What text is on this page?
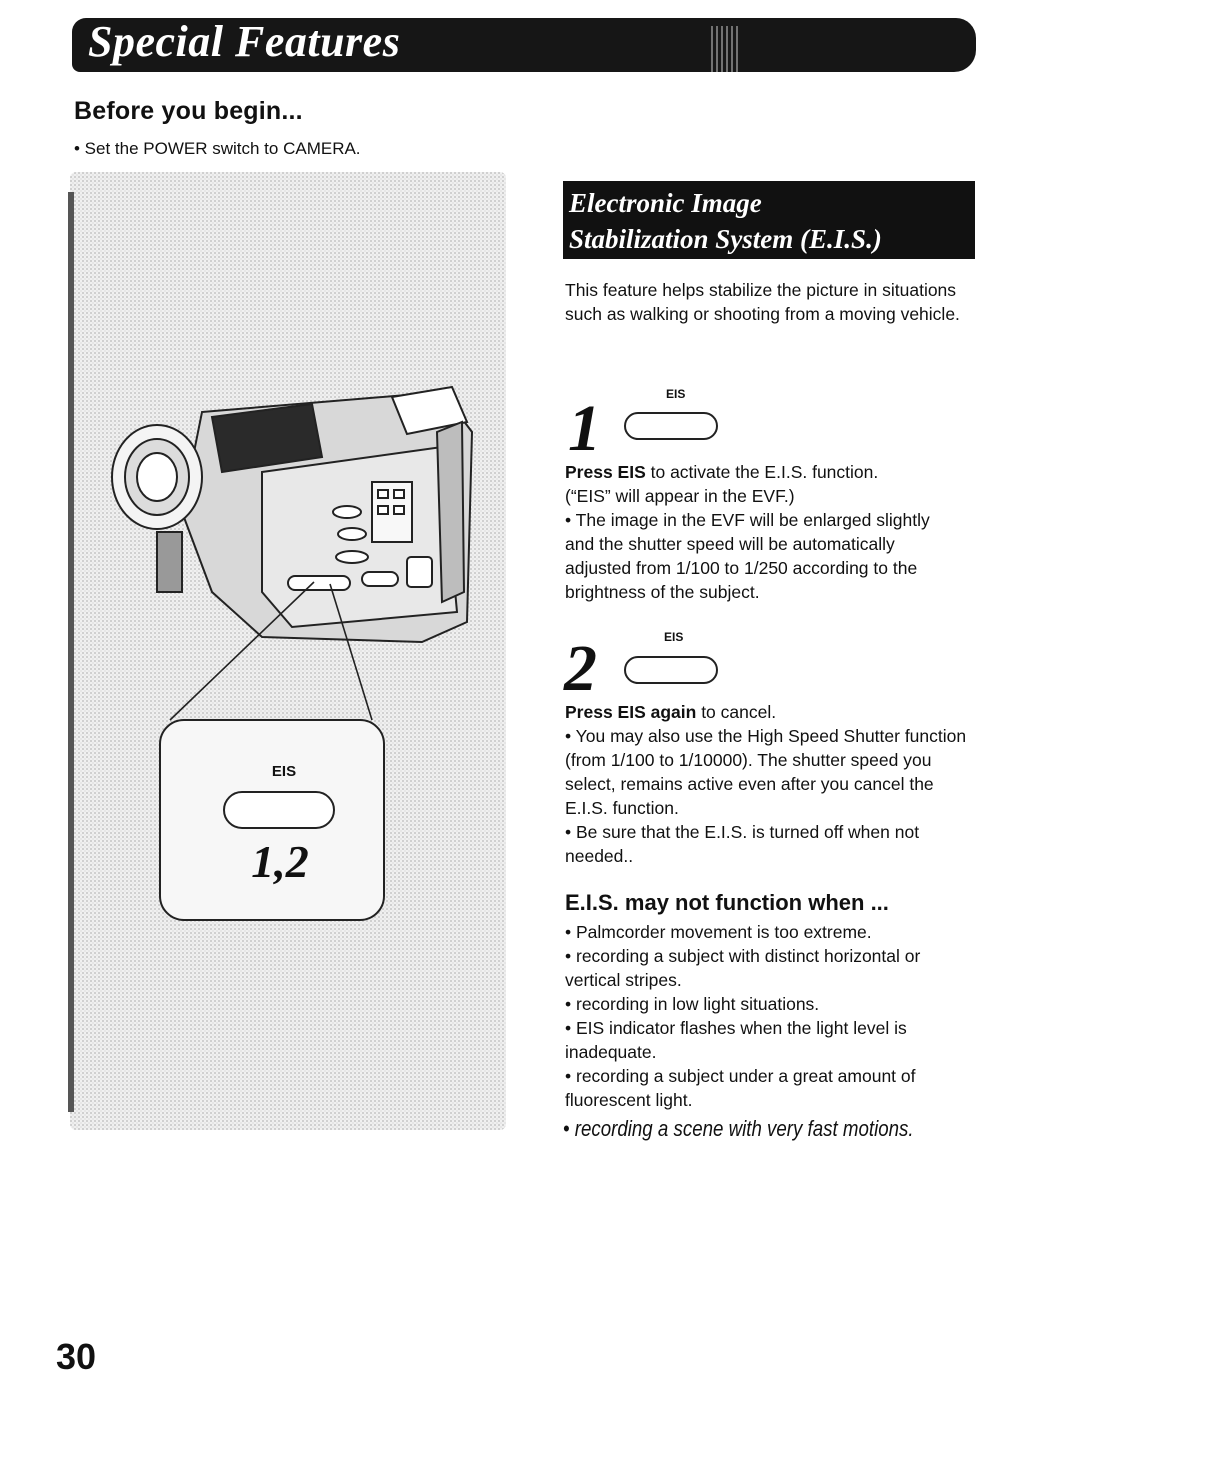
Special Features
Before you begin...
• Set the POWER switch to CAMERA.
EIS
1,2
Electronic Image
Stabilization System (E.I.S.)
This feature helps stabilize the picture in situations such as walking or shooting from a moving vehicle.
1	EIS
Press EIS to activate the E.I.S. function.
(“EIS” will appear in the EVF.)
• The image in the EVF will be enlarged slightly and the shutter speed will be automatically adjusted from 1/100 to 1/250 according to the brightness of the subject.
2	EIS
Press EIS again to cancel.
• You may also use the High Speed Shutter function (from 1/100 to 1/10000). The shutter speed you select, remains active even after you cancel the E.I.S. function.
• Be sure that the E.I.S. is turned off when not needed..
E.I.S. may not function when ...
• Palmcorder movement is too extreme.
• recording a subject with distinct horizontal or vertical stripes.
• recording in low light situations.
• EIS indicator flashes when the light level is inadequate.
• recording a subject under a great amount of fluorescent light.
• recording a scene with very fast motions.
30
